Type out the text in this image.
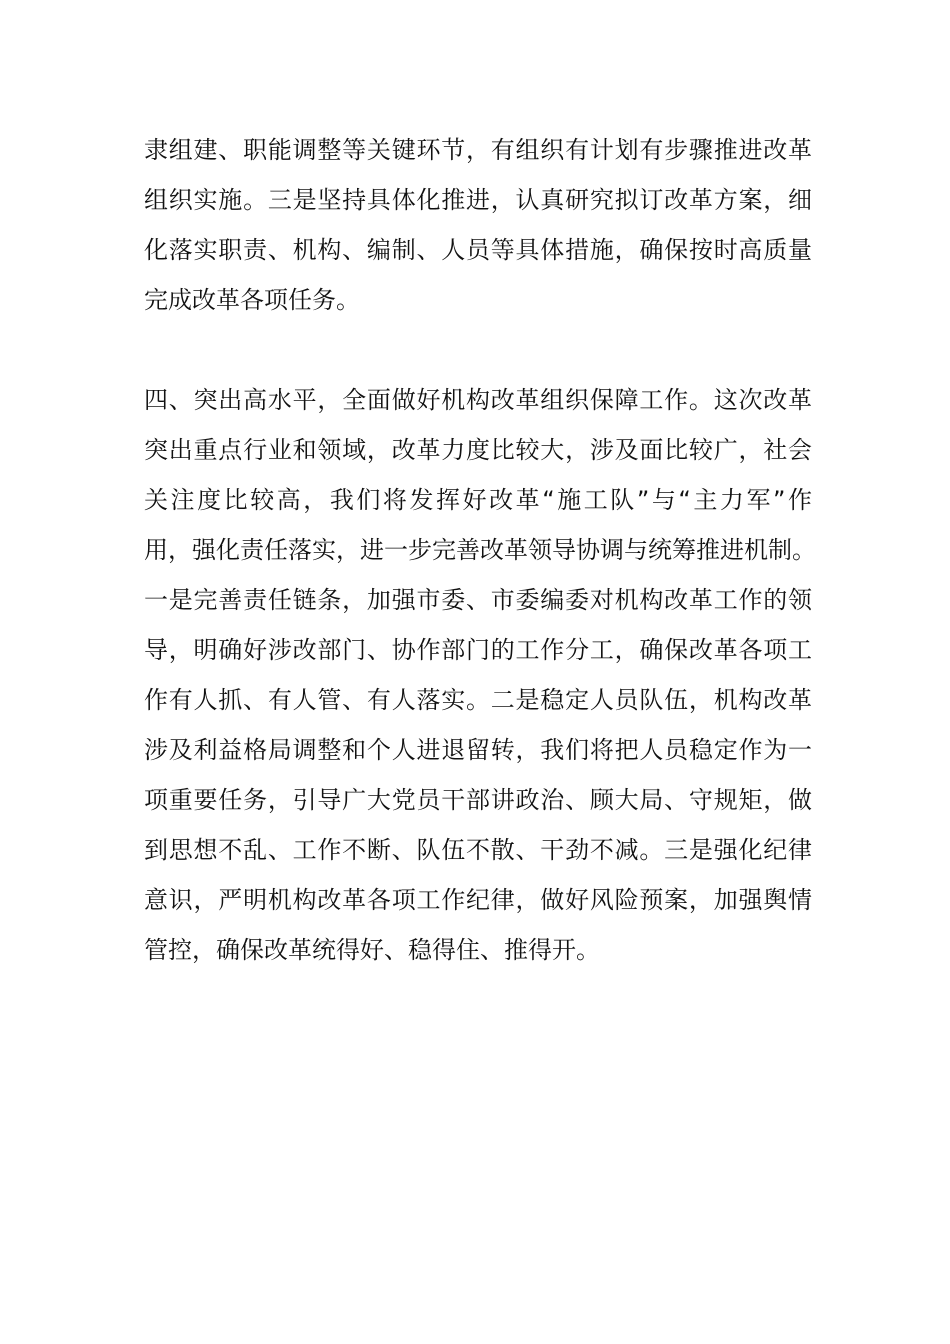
隶组建、职能调整等关键环节，有组织有计划有步骤推进改革
组织实施。三是坚持具体化推进，认真研究拟订改革方案，细
化落实职责、机构、编制、人员等具体措施，确保按时高质量
完成改革各项任务。

四、突出高水平，全面做好机构改革组织保障工作。这次改革
突出重点行业和领域，改革力度比较大，涉及面比较广，社会
关注度比较高，我们将发挥好改革“施工队”与“主力军”作
用，强化责任落实，进一步完善改革领导协调与统筹推进机制。
一是完善责任链条，加强市委、市委编委对机构改革工作的领
导，明确好涉改部门、协作部门的工作分工，确保改革各项工
作有人抓、有人管、有人落实。二是稳定人员队伍，机构改革
涉及利益格局调整和个人进退留转，我们将把人员稳定作为一
项重要任务，引导广大党员干部讲政治、顾大局、守规矩，做
到思想不乱、工作不断、队伍不散、干劲不减。三是强化纪律
意识，严明机构改革各项工作纪律，做好风险预案，加强舆情
管控，确保改革统得好、稳得住、推得开。
